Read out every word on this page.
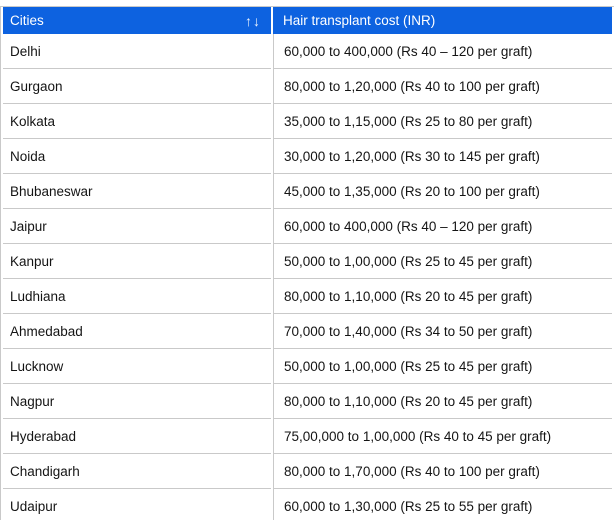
Cities ↑↓	Hair transplant cost (INR)
Delhi	60,000 to 400,000 (Rs 40 – 120 per graft)
Gurgaon	80,000 to 1,20,000 (Rs 40 to 100 per graft)
Kolkata	35,000 to 1,15,000 (Rs 25 to 80 per graft)
Noida	30,000 to 1,20,000 (Rs 30 to 145 per graft)
Bhubaneswar	45,000 to 1,35,000 (Rs 20 to 100 per graft)
Jaipur	60,000 to 400,000 (Rs 40 – 120 per graft)
Kanpur	50,000 to 1,00,000 (Rs 25 to 45 per graft)
Ludhiana	80,000 to 1,10,000 (Rs 20 to 45 per graft)
Ahmedabad	70,000 to 1,40,000 (Rs 34 to 50 per graft)
Lucknow	50,000 to 1,00,000 (Rs 25 to 45 per graft)
Nagpur	80,000 to 1,10,000 (Rs 20 to 45 per graft)
Hyderabad	75,00,000 to 1,00,000 (Rs 40 to 45 per graft)
Chandigarh	80,000 to 1,70,000 (Rs 40 to 100 per graft)
Udaipur	60,000 to 1,30,000 (Rs 25 to 55 per graft)
